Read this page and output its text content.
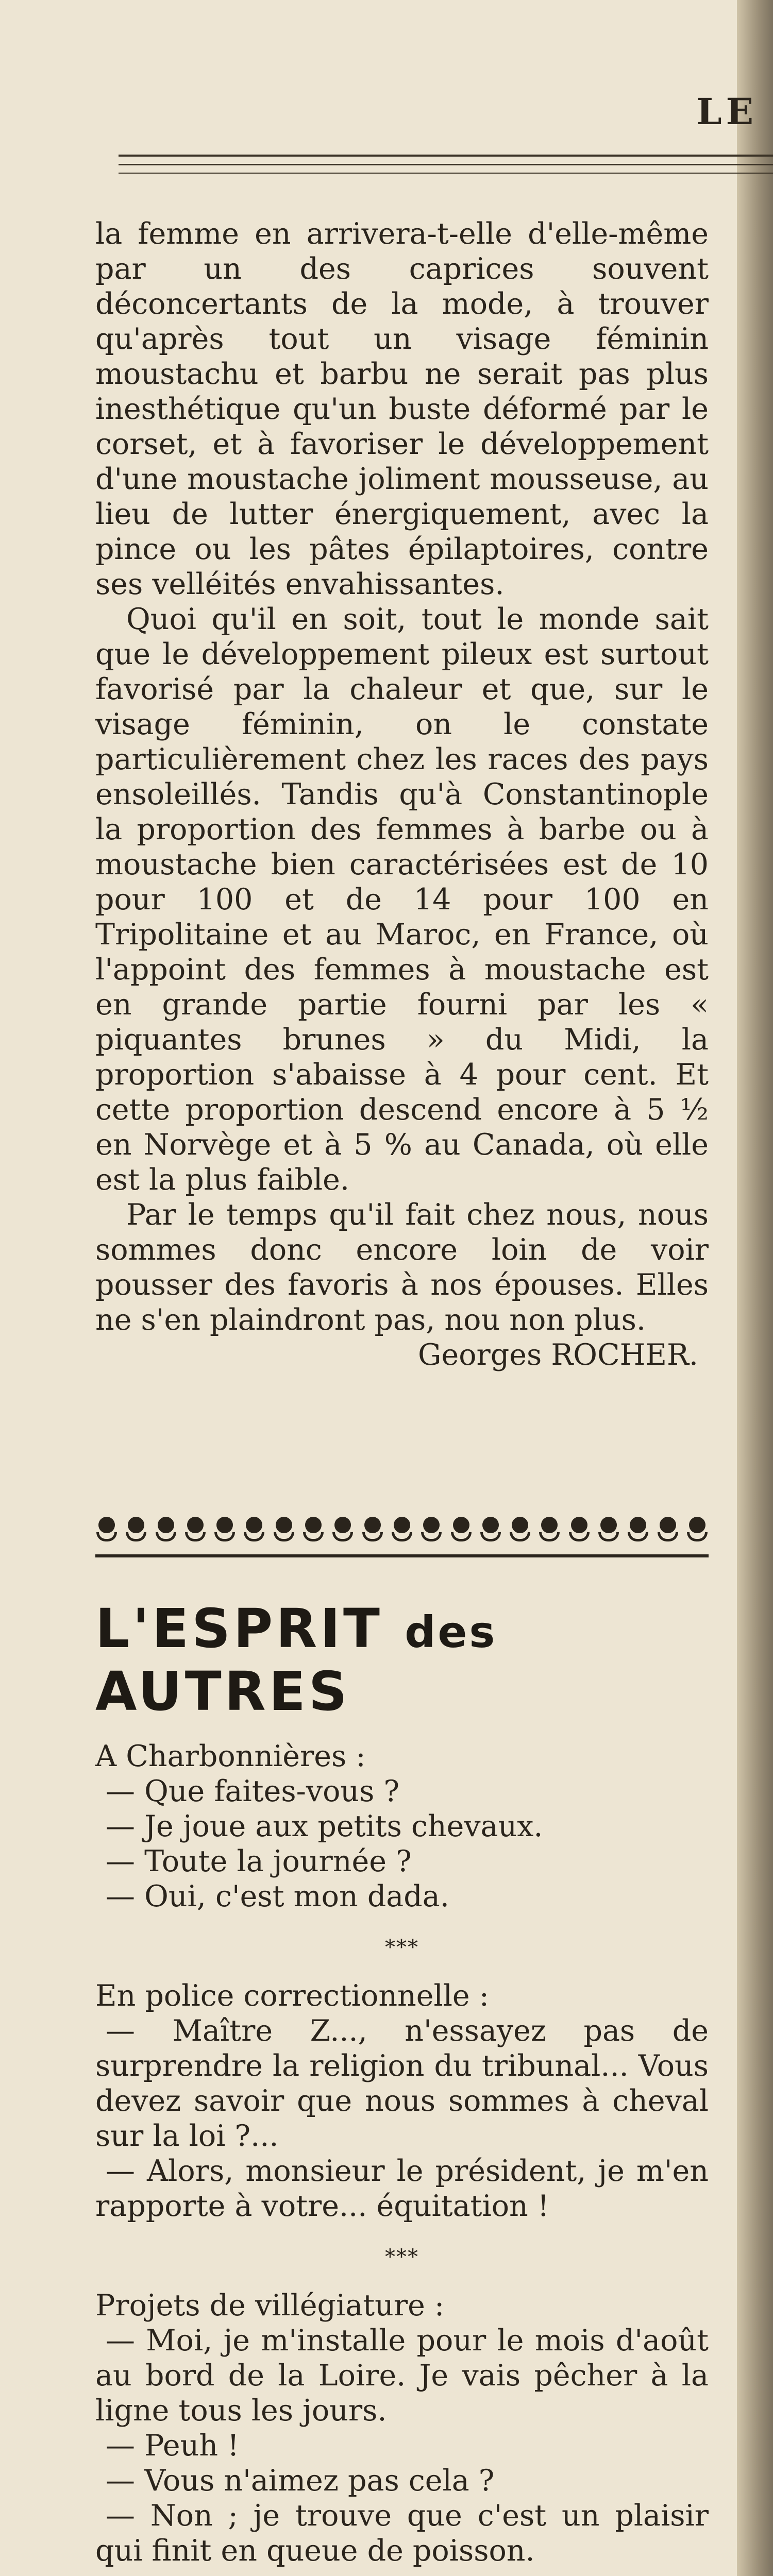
LE

la femme en arrivera-t-elle d'elle-même par un des caprices souvent déconcertants de la mode, à trouver qu'après tout un visage féminin moustachu et barbu ne serait pas plus inesthétique qu'un buste déformé par le corset, et à favoriser le développement d'une moustache joliment mousseuse, au lieu de lutter énergiquement, avec la pince ou les pâtes épilaptoires, contre ses velléités envahissantes.

Quoi qu'il en soit, tout le monde sait que le développement pileux est surtout favorisé par la chaleur et que, sur le visage féminin, on le constate particulièrement chez les races des pays ensoleillés. Tandis qu'à Constantinople la proportion des femmes à barbe ou à moustache bien caractérisées est de 10 pour 100 et de 14 pour 100 en Tripolitaine et au Maroc, en France, où l'appoint des femmes à moustache est en grande partie fourni par les « piquantes brunes » du Midi, la proportion s'abaisse à 4 pour cent. Et cette proportion descend encore à 5 ½ en Norvège et à 5 % au Canada, où elle est la plus faible.

Par le temps qu'il fait chez nous, nous sommes donc encore loin de voir pousser des favoris à nos épouses. Elles ne s'en plaindront pas, nou non plus.

Georges ROCHER.

L'ESPRIT des AUTRES

A Charbonnières :

— Que faites-vous ?

— Je joue aux petits chevaux.

— Toute la journée ?

— Oui, c'est mon dada.

***

En police correctionnelle :

— Maître Z..., n'essayez pas de surprendre la religion du tribunal... Vous devez savoir que nous sommes à cheval sur la loi ?...

— Alors, monsieur le président, je m'en rapporte à votre... équitation !

***

Projets de villégiature :

— Moi, je m'installe pour le mois d'août au bord de la Loire. Je vais pêcher à la ligne tous les jours.

— Peuh !

— Vous n'aimez pas cela ?

— Non ; je trouve que c'est un plaisir qui finit en queue de poisson.
